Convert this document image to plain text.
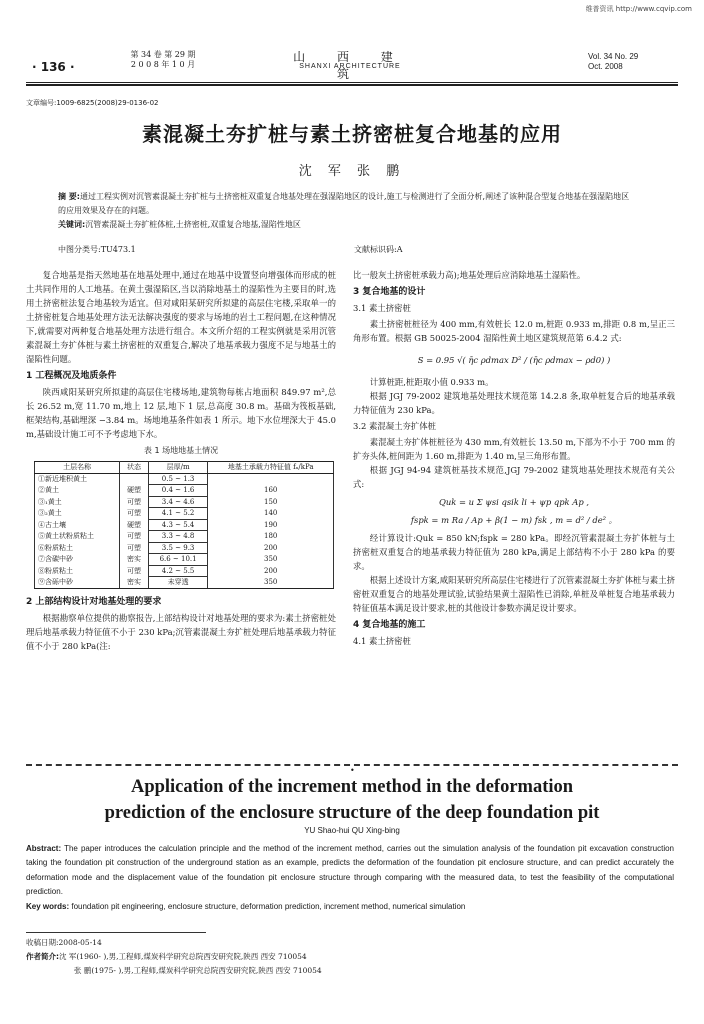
维普资讯 http://www.cqvip.com
· 136 ·
第 34 卷 第 29 期
2 0 0 8 年 1 0 月
山 西 建 筑
SHANXI ARCHITECTURE
Vol. 34 No. 29
Oct. 2008
文章编号:1009-6825(2008)29-0136-02
素混凝土夯扩桩与素土挤密桩复合地基的应用
沈 军 张 鹏
摘 要:通过工程实例对沉管素混凝土夯扩桩与土挤密桩双重复合地基处理在强湿陷地区的设计,施工与检测进行了全面分析,阐述了该种混合型复合地基在强湿陷地区的应用效果及存在的问题。
关键词:沉管素混凝土夯扩桩体桩,土挤密桩,双重复合地基,湿陷性地区
中图分类号:TU473.1	文献标识码:A

复合地基是指天然地基在地基处理中,通过在地基中设置竖向增强体而形成的桩土共同作用的人工地基。在黄土强湿陷区,当以消除地基土的湿陷性为主要目的时,选用土挤密桩法复合地基较为适宜。但对咸阳某研究所拟建的高层住宅楼,采取单一的土挤密桩复合地基处理方法无法解决强度的要求与场地的岩土工程问题,在这种情况下,就需要对两种复合地基处理方法进行组合。本文所介绍的工程实例就是采用沉管素混凝土夯扩体桩与素土挤密桩的双重复合,解决了地基承载力强度不足与地基土的湿陷性问题。

1 工程概况及地质条件

陕西咸阳某研究所拟建的高层住宅楼场地,建筑物每栋占地面积 849.97 m²,总长 26.52 m,宽 11.70 m,地上 12 层,地下 1 层,总高度 30.8 m。基础为筏板基础,框架结构,基础埋深 −3.84 m。场地地基条件如表 1 所示。地下水位埋深大于 45.0 m,基础设计施工可不予考虑地下水。

表 1 场地地基土情况
土层名称	状态	层厚/m	地基土承载力特征值 fₐ/kPa
①新近堆积黄土		0.5 ~ 1.3	
②黄土	硬塑	0.4 ~ 1.6	160
③₁黄土	可塑	3.4 ~ 4.6	150
③₂黄土	可塑	4.1 ~ 5.2	140
④古土壤	硬塑	4.3 ~ 5.4	190
⑤黄土状粉质粘土	可塑	3.3 ~ 4.8	180
⑥粉质粘土	可塑	3.5 ~ 9.3	200
⑦含碳中砂	密实	6.6 ~ 10.1	350
⑧粉质粘土	可塑	4.2 ~ 5.5	200
⑨含砾中砂	密实	未穿透	350

2 上部结构设计对地基处理的要求

根据勘察单位提供的勘察报告,上部结构设计对地基处理的要求为:素土挤密桩处理后地基承载力特征值不小于 230 kPa;沉管素混凝土夯扩桩处理后地基承载力特征值不小于 280 kPa(注:

比一般灰土挤密桩承载力高);地基处理后应消除地基土湿陷性。

3 复合地基的设计

3.1 素土挤密桩

素土挤密桩桩径为 400 mm,有效桩长 12.0 m,桩距 0.933 m,排距 0.8 m,呈正三角形布置。根据 GB 50025-2004 湿陷性黄土地区建筑规范第 6.4.2 式:

S = 0.95 √( η̄c ρdmax D² / (η̄c ρdmax − ρd0) )

计算桩距,桩距取小值 0.933 m。

根据 JGJ 79-2002 建筑地基处理技术规范第 14.2.8 条,取单桩复合后的地基承载力特征值为 230 kPa。

3.2 素混凝土夯扩体桩

素混凝土夯扩体桩桩径为 430 mm,有效桩长 13.50 m,下部为不小于 700 mm 的扩夯头体,桩间距为 1.60 m,排距为 1.40 m,呈三角形布置。

根据 JGJ 94-94 建筑桩基技术规范,JGJ 79-2002 建筑地基处理技术规范有关公式:

Quk = u Σ ψsi qsik li + ψp qpk Ap ,
fspk = m Ra / Ap + β(1 − m) fsk , m = d² / de² 。

经计算设计:Quk = 850 kN;fspk = 280 kPa。即经沉管素混凝土夯扩体桩与土挤密桩双重复合的地基承载力特征值为 280 kPa,满足上部结构不小于 280 kPa 的要求。

根据上述设计方案,咸阳某研究所高层住宅楼进行了沉管素混凝土夯扩体桩与素土挤密桩双重复合的地基处理试验,试验结果黄土湿陷性已消除,单桩及单桩复合地基承载力特征值基本满足设计要求,桩的其他设计参数亦满足设计要求。

4 复合地基的施工

4.1 素土挤密桩

•
Application of the increment method in the deformation
prediction of the enclosure structure of the deep foundation pit
YU Shao-hui QU Xing-bing
Abstract: The paper introduces the calculation principle and the method of the increment method, carries out the simulation analysis of the foundation pit excavation construction taking the foundation pit construction of the underground station as an example, predicts the deformation of the foundation pit enclosure structure, and can predict accurately the deformation mode and the displacement value of the foundation pit enclosure structure through comparing with the measured data, to test the feasibility of the computational prediction.
Key words: foundation pit engineering, enclosure structure, deformation prediction, increment method, numerical simulation
收稿日期:2008-05-14
作者简介:沈 军(1960- ),男,工程师,煤炭科学研究总院西安研究院,陕西 西安 710054
张 鹏(1975- ),男,工程师,煤炭科学研究总院西安研究院,陕西 西安 710054
